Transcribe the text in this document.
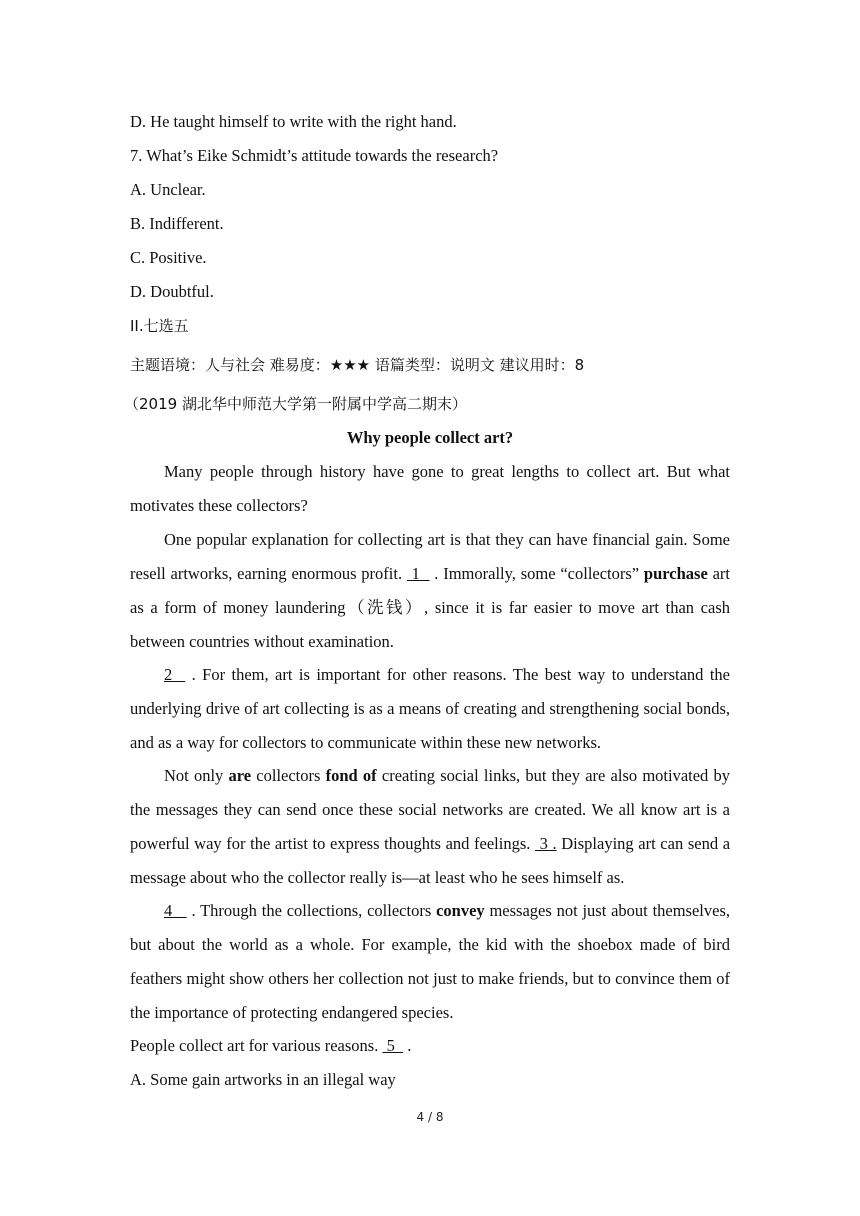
D. He taught himself to write with the right hand.
7. What’s Eike Schmidt’s attitude towards the research?
A. Unclear.
B. Indifferent.
C. Positive.
D. Doubtful.
II.七选五
主题语境：人与社会 难易度：★★★ 语篇类型：说明文 建议用时：8
（2019 湖北华中师范大学第一附属中学高二期末）
Why people collect art?
Many people through history have gone to great lengths to collect art. But what motivates these collectors?
One popular explanation for collecting art is that they can have financial gain. Some resell artworks, earning enormous profit.  1   . Immorally, some “collectors” purchase art as a form of money laundering（洗钱）, since it is far easier to move art than cash between countries without examination.
2   . For them, art is important for other reasons. The best way to understand the underlying drive of art collecting is as a means of creating and strengthening social bonds, and as a way for collectors to communicate within these new networks.
Not only are collectors fond of creating social links, but they are also motivated by the messages they can send once these social networks are created. We all know art is a powerful way for the artist to express thoughts and feelings.  3 . Displaying art can send a message about who the collector really is—at least who he sees himself as.
4    . Through the collections, collectors convey messages not just about themselves, but about the world as a whole. For example, the kid with the shoebox made of bird feathers might show others her collection not just to make friends, but to convince them of the importance of protecting endangered species.
People collect art for various reasons.  5   .
A. Some gain artworks in an illegal way
4 / 8
